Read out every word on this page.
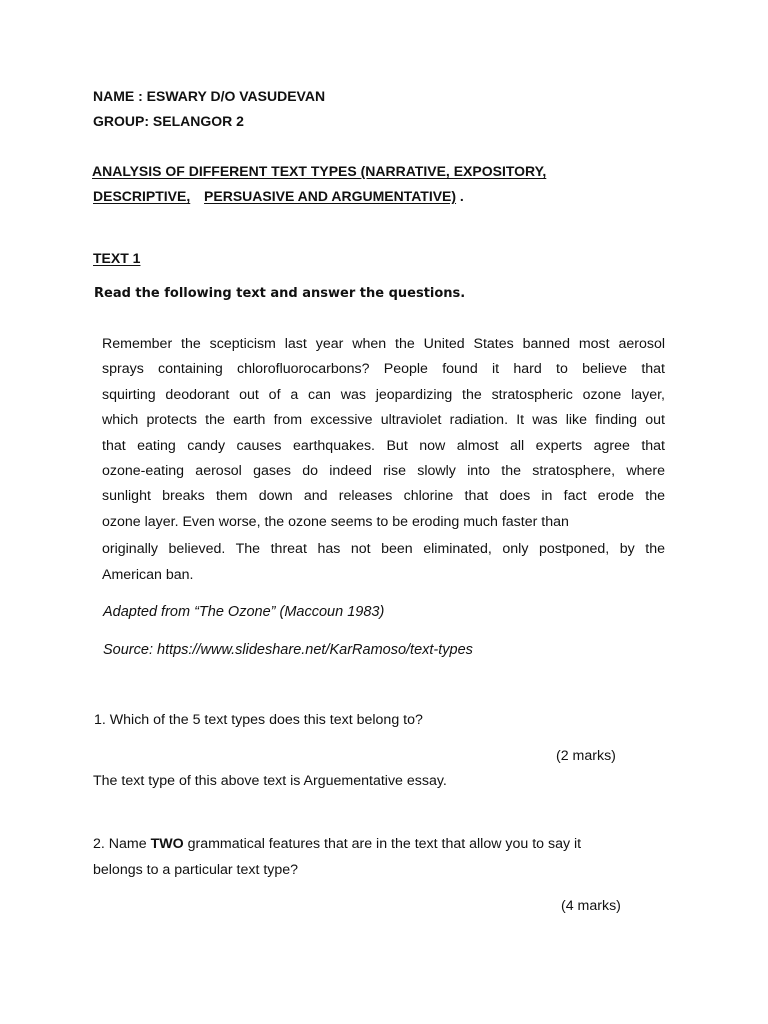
NAME : ESWARY D/O VASUDEVAN
GROUP: SELANGOR 2
ANALYSIS OF DIFFERENT TEXT TYPES (NARRATIVE, EXPOSITORY,
DESCRIPTIVE, PERSUASIVE AND ARGUMENTATIVE) .
TEXT 1
Read the following text and answer the questions.
Remember the scepticism last year when the United States banned most aerosol
sprays containing chlorofluorocarbons? People found it hard to believe that
squirting deodorant out of a can was jeopardizing the stratospheric ozone layer,
which protects the earth from excessive ultraviolet radiation. It was like finding out
that eating candy causes earthquakes. But now almost all experts agree that
ozone-eating aerosol gases do indeed rise slowly into the stratosphere, where
sunlight breaks them down and releases chlorine that does in fact erode the
ozone layer. Even worse, the ozone seems to be eroding much faster than
originally believed. The threat has not been eliminated, only postponed, by the
American ban.
Adapted from “The Ozone” (Maccoun 1983)
Source: https://www.slideshare.net/KarRamoso/text-types
1. Which of the 5 text types does this text belong to?
(2 marks)
The text type of this above text is Arguementative essay.
2. Name TWO grammatical features that are in the text that allow you to say it
belongs to a particular text type?
(4 marks)
